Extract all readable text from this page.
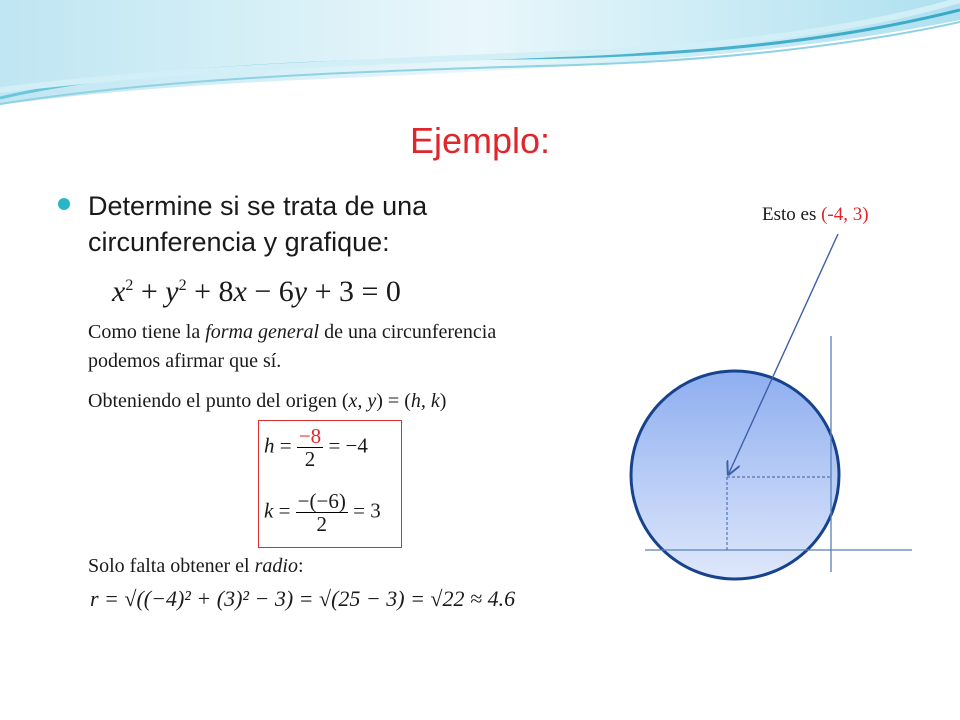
Ejemplo:
Determine si se trata de una circunferencia y grafique:
$x^2 + y^2 + 8x - 6y + 3 = 0$
Como tiene la forma general de una circunferencia podemos afirmar que sí.
Obteniendo el punto del origen (x, y) = (h, k)
$h = \frac{-8}{2} = -4$
$k = \frac{-(-6)}{2} = 3$
Solo falta obtener el radio:
r = √((−4)² + (3)² − 3) = √(25 − 3) = √22 ≈ 4.6
Esto es (-4, 3)
